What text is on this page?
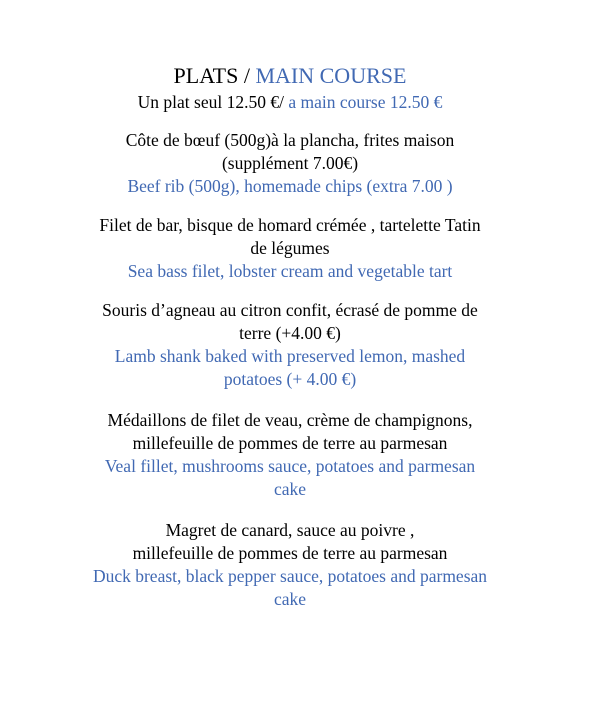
PLATS / MAIN COURSE
Un plat seul 12.50 €/ a main course 12.50 €
Côte de bœuf (500g)à la plancha, frites maison
(supplément 7.00€)
Beef rib (500g), homemade chips (extra 7.00 )
Filet de bar, bisque de homard crémée , tartelette Tatin
de légumes
Sea bass filet, lobster cream and vegetable tart
Souris d’agneau au citron confit, écrasé de pomme de
terre (+4.00 €)
Lamb shank baked with preserved lemon, mashed
potatoes (+ 4.00 €)
Médaillons de filet de veau, crème de champignons,
millefeuille de pommes de terre au parmesan
Veal fillet, mushrooms sauce, potatoes and parmesan
cake
Magret de canard, sauce au poivre ,
millefeuille de pommes de terre au parmesan
Duck breast, black pepper sauce, potatoes and parmesan
cake
